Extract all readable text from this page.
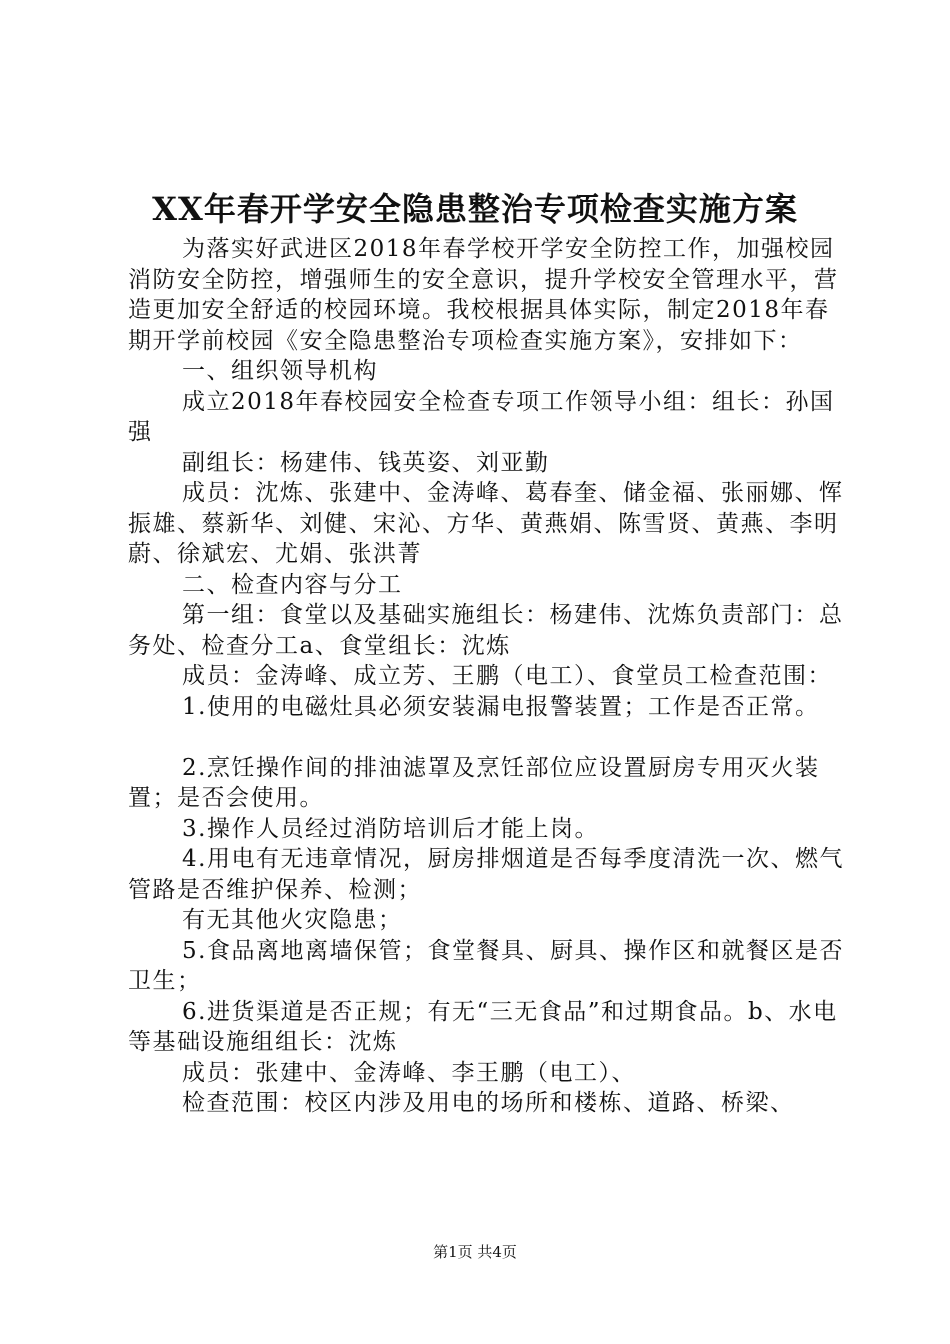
XX年春开学安全隐患整治专项检查实施方案

为落实好武进区2018年春学校开学安全防控工作，加强校园消防安全防控，增强师生的安全意识，提升学校安全管理水平，营造更加安全舒适的校园环境。我校根据具体实际，制定2018年春期开学前校园《安全隐患整治专项检查实施方案》，安排如下：

一、组织领导机构

成立2018年春校园安全检查专项工作领导小组：组长：孙国强

副组长：杨建伟、钱英姿、刘亚勤

成员：沈炼、张建中、金涛峰、葛春奎、储金福、张丽娜、恽振雄、蔡新华、刘健、宋沁、方华、黄燕娟、陈雪贤、黄燕、李明蔚、徐斌宏、尤娟、张洪菁

二、检查内容与分工

第一组：食堂以及基础实施组长：杨建伟、沈炼负责部门：总务处、检查分工a、食堂组长：沈炼

成员：金涛峰、成立芳、王鹏（电工）、食堂员工检查范围：

1.使用的电磁灶具必须安装漏电报警装置；工作是否正常。

2.烹饪操作间的排油滤罩及烹饪部位应设置厨房专用灭火装置；是否会使用。

3.操作人员经过消防培训后才能上岗。

4.用电有无违章情况，厨房排烟道是否每季度清洗一次、燃气管路是否维护保养、检测；

有无其他火灾隐患；

5.食品离地离墙保管；食堂餐具、厨具、操作区和就餐区是否卫生；

6.进货渠道是否正规；有无“三无食品”和过期食品。b、水电等基础设施组组长：沈炼

成员：张建中、金涛峰、李王鹏（电工）、

检查范围：校区内涉及用电的场所和楼栋、道路、桥梁、

第1页 共4页
